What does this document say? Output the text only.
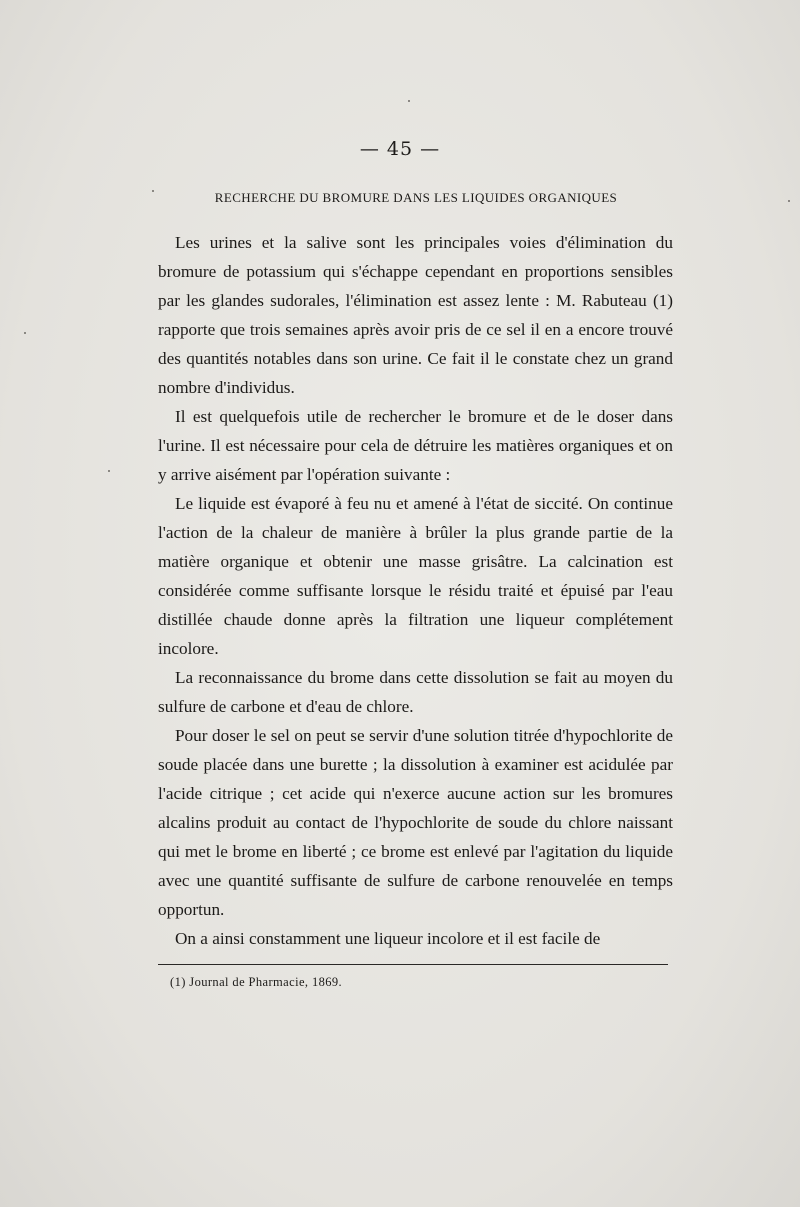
— 45 —
RECHERCHE DU BROMURE DANS LES LIQUIDES ORGANIQUES

Les urines et la salive sont les principales voies d'élimination du bromure de potassium qui s'échappe cependant en proportions sensibles par les glandes sudorales, l'élimination est assez lente : M. Rabuteau (1) rapporte que trois semaines après avoir pris de ce sel il en a encore trouvé des quantités notables dans son urine. Ce fait il le constate chez un grand nombre d'individus.

Il est quelquefois utile de rechercher le bromure et de le doser dans l'urine. Il est nécessaire pour cela de détruire les matières organiques et on y arrive aisément par l'opération suivante :

Le liquide est évaporé à feu nu et amené à l'état de siccité. On continue l'action de la chaleur de manière à brûler la plus grande partie de la matière organique et obtenir une masse grisâtre. La calcination est considérée comme suffisante lorsque le résidu traité et épuisé par l'eau distillée chaude donne après la filtration une liqueur complétement incolore.

La reconnaissance du brome dans cette dissolution se fait au moyen du sulfure de carbone et d'eau de chlore.

Pour doser le sel on peut se servir d'une solution titrée d'hypochlorite de soude placée dans une burette ; la dissolution à examiner est acidulée par l'acide citrique ; cet acide qui n'exerce aucune action sur les bromures alcalins produit au contact de l'hypochlorite de soude du chlore naissant qui met le brome en liberté ; ce brome est enlevé par l'agitation du liquide avec une quantité suffisante de sulfure de carbone renouvelée en temps opportun.

On a ainsi constamment une liqueur incolore et il est facile de

(1) Journal de Pharmacie, 1869.
